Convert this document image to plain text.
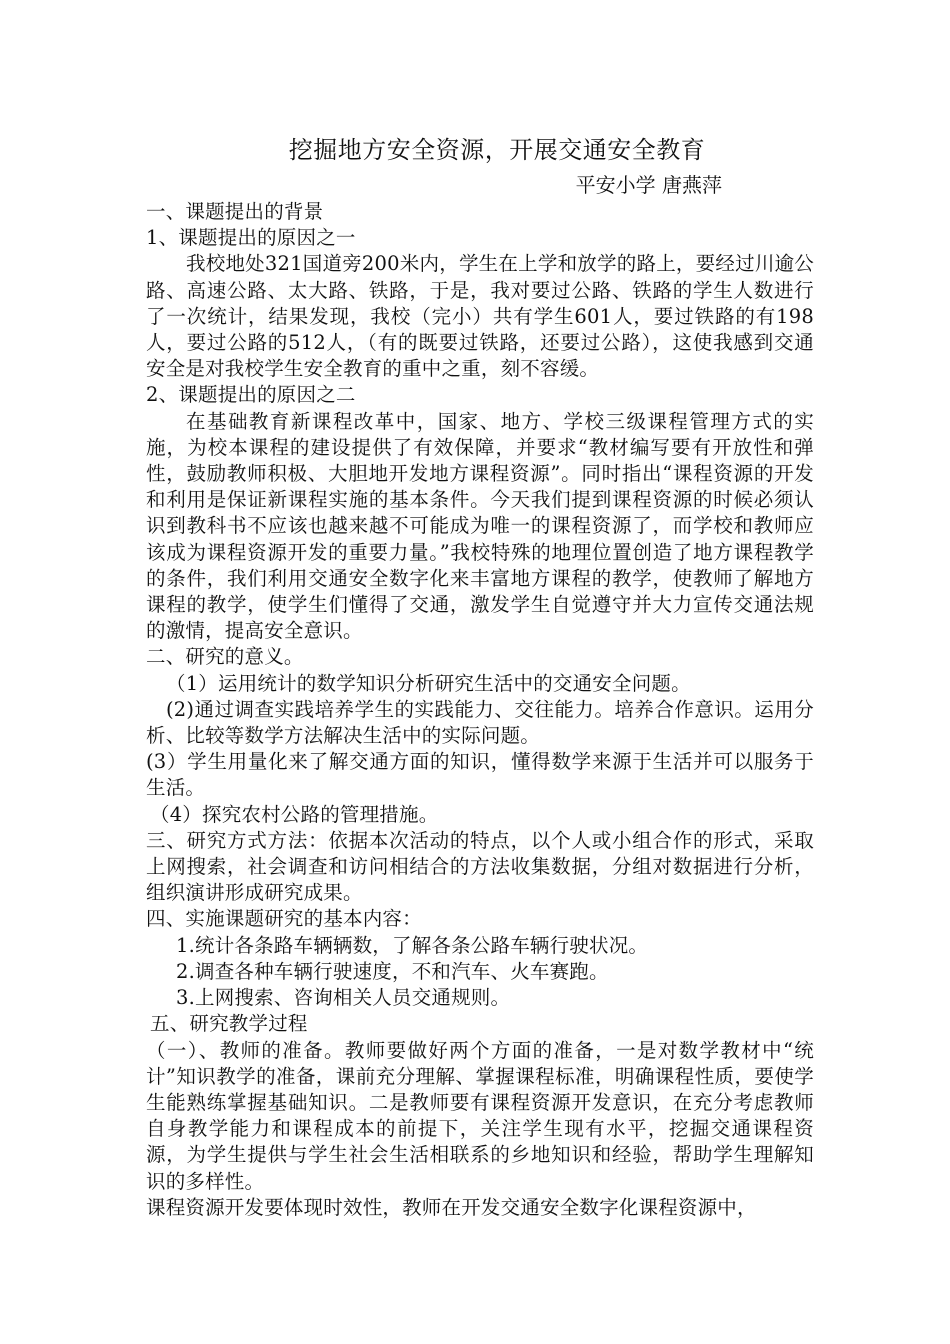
挖掘地方安全资源，开展交通安全教育
平安小学 唐燕萍

一、课题提出的背景

1、课题提出的原因之一

我校地处321国道旁200米内，学生在上学和放学的路上，要经过川逾公路、高速公路、太大路、铁路，于是，我对要过公路、铁路的学生人数进行了一次统计，结果发现，我校（完小）共有学生601人，要过铁路的有198人，要过公路的512人，（有的既要过铁路，还要过公路），这使我感到交通安全是对我校学生安全教育的重中之重，刻不容缓。

2、课题提出的原因之二

在基础教育新课程改革中，国家、地方、学校三级课程管理方式的实施，为校本课程的建设提供了有效保障，并要求“教材编写要有开放性和弹性，鼓励教师积极、大胆地开发地方课程资源”。同时指出“课程资源的开发和利用是保证新课程实施的基本条件。今天我们提到课程资源的时候必须认识到教科书不应该也越来越不可能成为唯一的课程资源了，而学校和教师应该成为课程资源开发的重要力量。”我校特殊的地理位置创造了地方课程教学的条件，我们利用交通安全数字化来丰富地方课程的教学，使教师了解地方课程的教学，使学生们懂得了交通，激发学生自觉遵守并大力宣传交通法规的激情，提高安全意识。

二、研究的意义。

（1）运用统计的数学知识分析研究生活中的交通安全问题。

(2)通过调查实践培养学生的实践能力、交往能力。培养合作意识。运用分析、比较等数学方法解决生活中的实际问题。

(3）学生用量化来了解交通方面的知识，懂得数学来源于生活并可以服务于生活。

（4）探究农村公路的管理措施。

三、研究方式方法：依据本次活动的特点，以个人或小组合作的形式，采取上网搜索，社会调查和访问相结合的方法收集数据，分组对数据进行分析，组织演讲形成研究成果。

四、实施课题研究的基本内容：

1.统计各条路车辆辆数，了解各条公路车辆行驶状况。

2.调查各种车辆行驶速度，不和汽车、火车赛跑。

3.上网搜索、咨询相关人员交通规则。

五、研究教学过程

（一）、教师的准备。教师要做好两个方面的准备，一是对数学教材中“统计”知识教学的准备，课前充分理解、掌握课程标准，明确课程性质，要使学生能熟练掌握基础知识。二是教师要有课程资源开发意识，在充分考虑教师自身教学能力和课程成本的前提下，关注学生现有水平，挖掘交通课程资源，为学生提供与学生社会生活相联系的乡地知识和经验，帮助学生理解知识的多样性。

课程资源开发要体现时效性，教师在开发交通安全数字化课程资源中，
